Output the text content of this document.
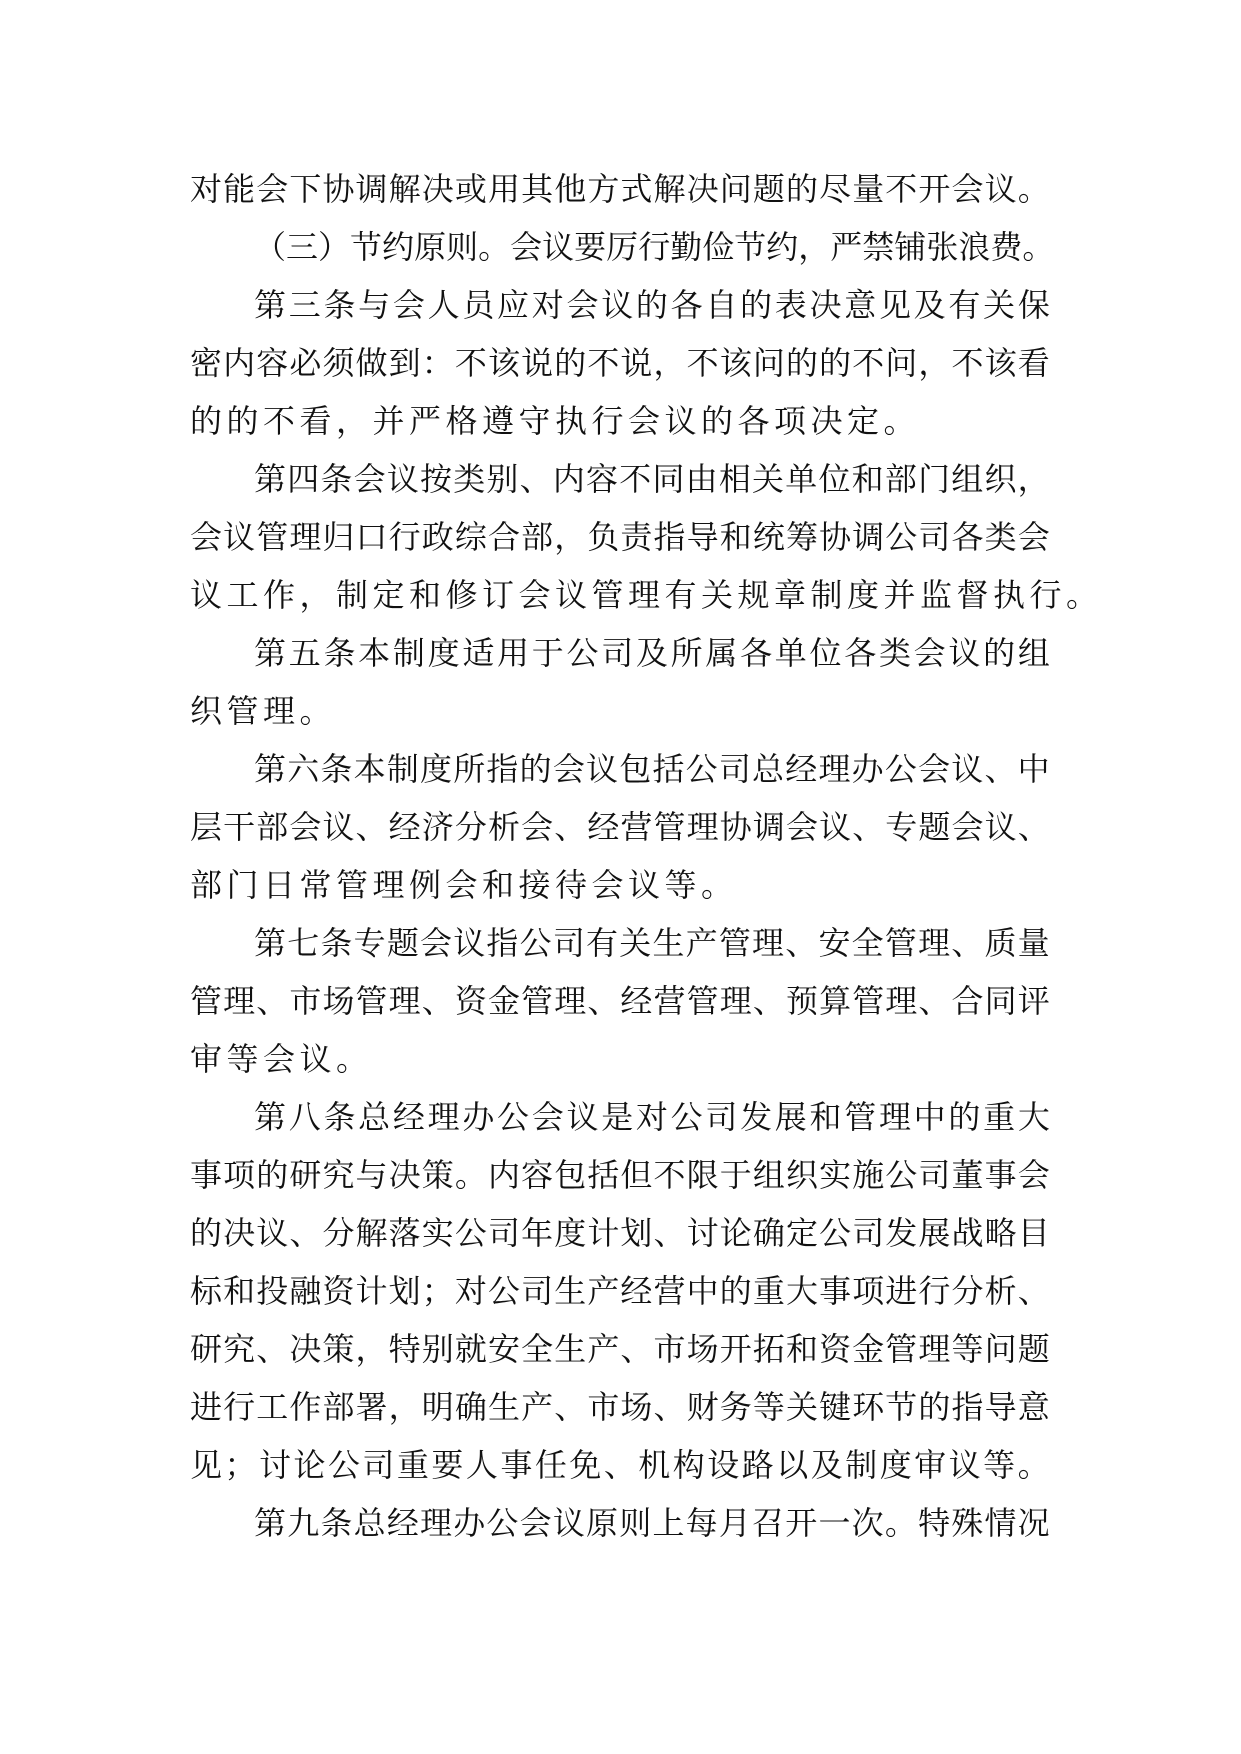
对 能 会 下 协 调 解 决 或 用 其 他 方 式 解 决 问 题 的 尽 量 不 开 会 议 。
（ 三 ） 节 约 原 则 。 会 议 要 厉 行 勤 俭 节 约 ， 严 禁 铺 张 浪 费 。
第 三 条 与 会 人 员 应 对 会 议 的 各 自 的 表 决 意 见 及 有 关 保
密 内 容 必 须 做 到 ： 不 该 说 的 不 说 ， 不 该 问 的 的 不 问 ， 不 该 看
的的不看，并严格遵守执行会议的各项决定。
第 四 条 会 议 按 类 别 、 内 容 不 同 由 相 关 单 位 和 部 门 组 织 ，
会 议 管 理 归 口 行 政 综 合 部 ， 负 责 指 导 和 统 筹 协 调 公 司 各 类 会
议工作，制定和修订会议管理有关规章制度并监督执行。
第 五 条 本 制 度 适 用 于 公 司 及 所 属 各 单 位 各 类 会 议 的 组
织管理。
第 六 条 本 制 度 所 指 的 会 议 包 括 公 司 总 经 理 办 公 会 议 、 中
层 干 部 会 议 、 经 济 分 析 会 、 经 营 管 理 协 调 会 议 、 专 题 会 议 、
部门日常管理例会和接待会议等。
第 七 条 专 题 会 议 指 公 司 有 关 生 产 管 理 、 安 全 管 理 、 质 量
管 理 、 市 场 管 理 、 资 金 管 理 、 经 营 管 理 、 预 算 管 理 、 合 同 评
审等会议。
第 八 条 总 经 理 办 公 会 议 是 对 公 司 发 展 和 管 理 中 的 重 大
事 项 的 研 究 与 决 策 。 内 容 包 括 但 不 限 于 组 织 实 施 公 司 董 事 会
的 决 议 、 分 解 落 实 公 司 年 度 计 划 、 讨 论 确 定 公 司 发 展 战 略 目
标 和 投 融 资 计 划 ； 对 公 司 生 产 经 营 中 的 重 大 事 项 进 行 分 析 、
研 究 、 决 策 ， 特 别 就 安 全 生 产 、 市 场 开 拓 和 资 金 管 理 等 问 题
进 行 工 作 部 署 ， 明 确 生 产 、 市 场 、 财 务 等 关 键 环 节 的 指 导 意
见 ； 讨 论 公 司 重 要 人 事 任 免 、 机 构 设 路 以 及 制 度 审 议 等 。
第 九 条 总 经 理 办 公 会 议 原 则 上 每 月 召 开 一 次 。 特 殊 情 况
